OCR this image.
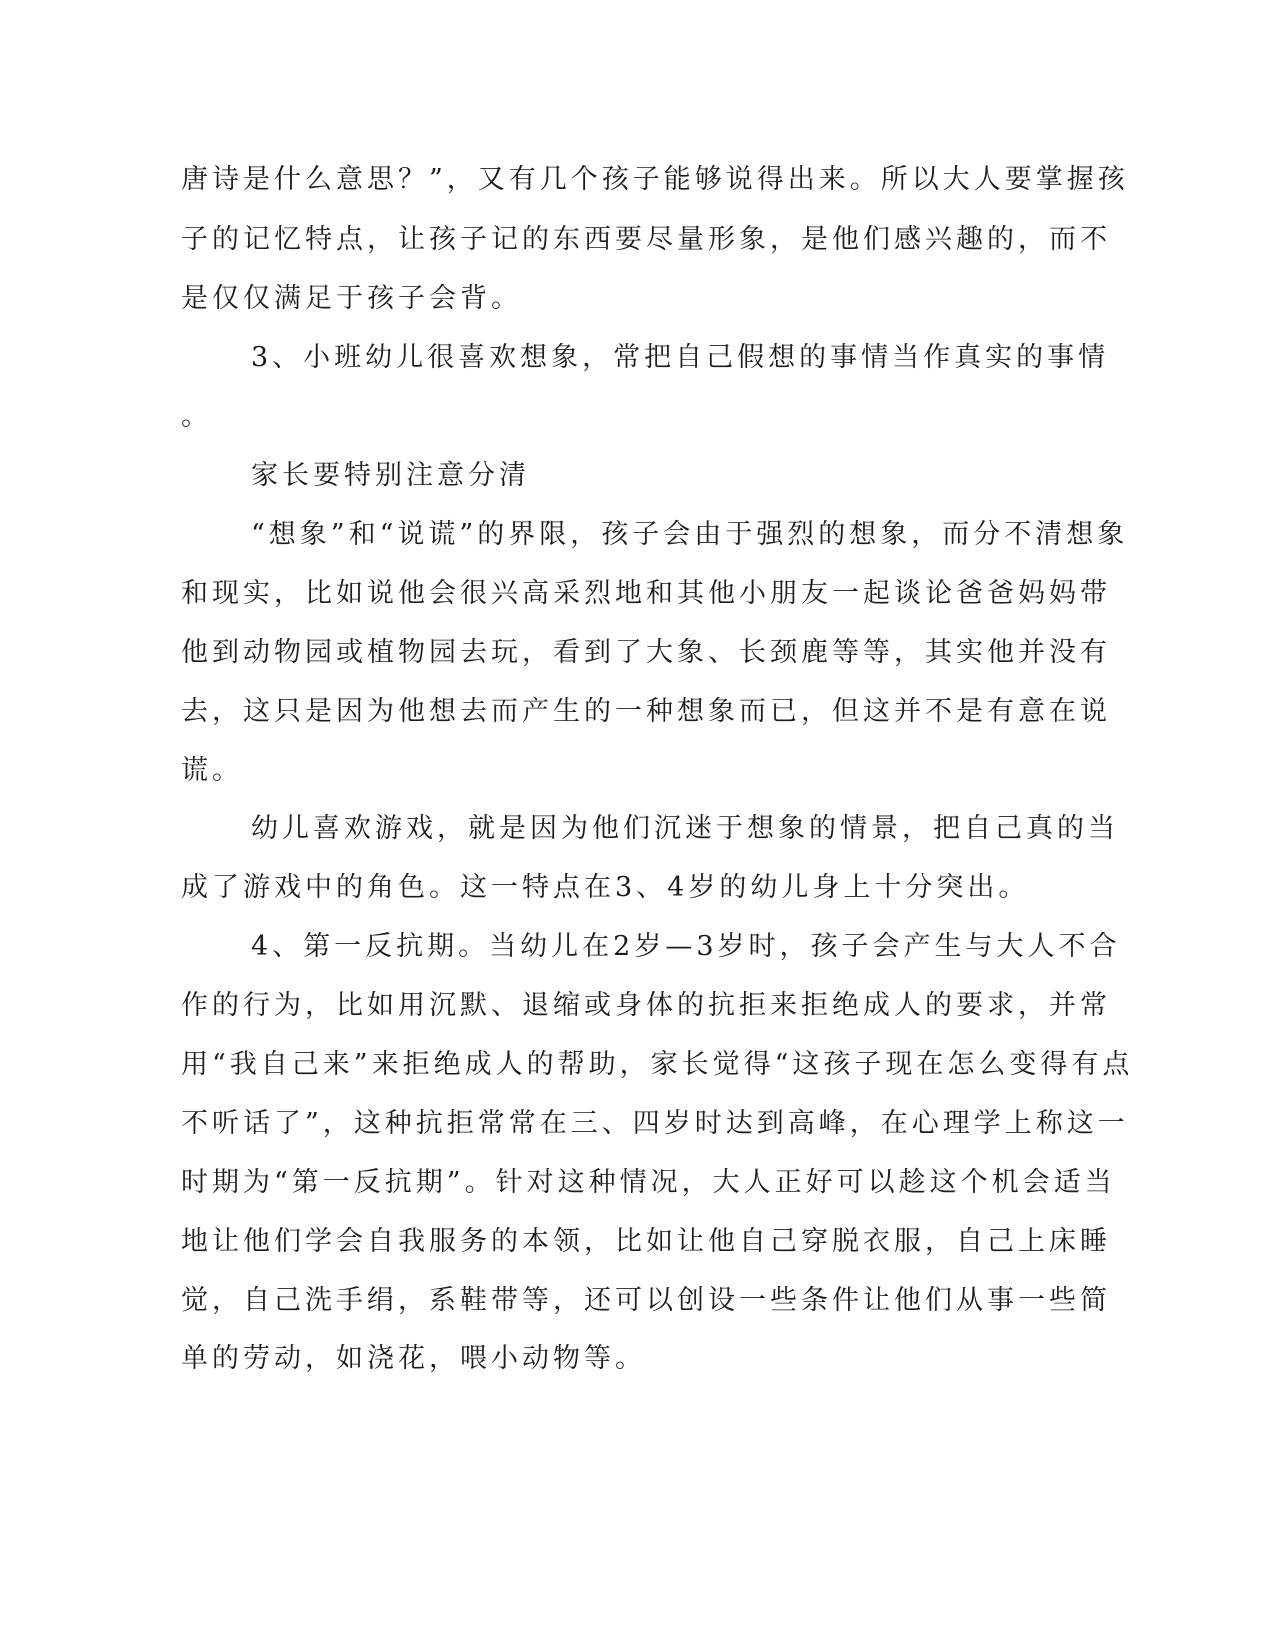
唐诗是什么意思？”，又有几个孩子能够说得出来。所以大人要掌握孩
子的记忆特点，让孩子记的东西要尽量形象，是他们感兴趣的，而不
是仅仅满足于孩子会背。
3、小班幼儿很喜欢想象，常把自己假想的事情当作真实的事情
。
家长要特别注意分清
“想象”和“说谎”的界限，孩子会由于强烈的想象，而分不清想象
和现实，比如说他会很兴高采烈地和其他小朋友一起谈论爸爸妈妈带
他到动物园或植物园去玩，看到了大象、长颈鹿等等，其实他并没有
去，这只是因为他想去而产生的一种想象而已，但这并不是有意在说
谎。
幼儿喜欢游戏，就是因为他们沉迷于想象的情景，把自己真的当
成了游戏中的角色。这一特点在3、4岁的幼儿身上十分突出。
4、第一反抗期。当幼儿在2岁—3岁时，孩子会产生与大人不合
作的行为，比如用沉默、退缩或身体的抗拒来拒绝成人的要求，并常
用“我自己来”来拒绝成人的帮助，家长觉得“这孩子现在怎么变得有点
不听话了”，这种抗拒常常在三、四岁时达到高峰，在心理学上称这一
时期为“第一反抗期”。针对这种情况，大人正好可以趁这个机会适当
地让他们学会自我服务的本领，比如让他自己穿脱衣服，自己上床睡
觉，自己洗手绢，系鞋带等，还可以创设一些条件让他们从事一些简
单的劳动，如浇花，喂小动物等。
